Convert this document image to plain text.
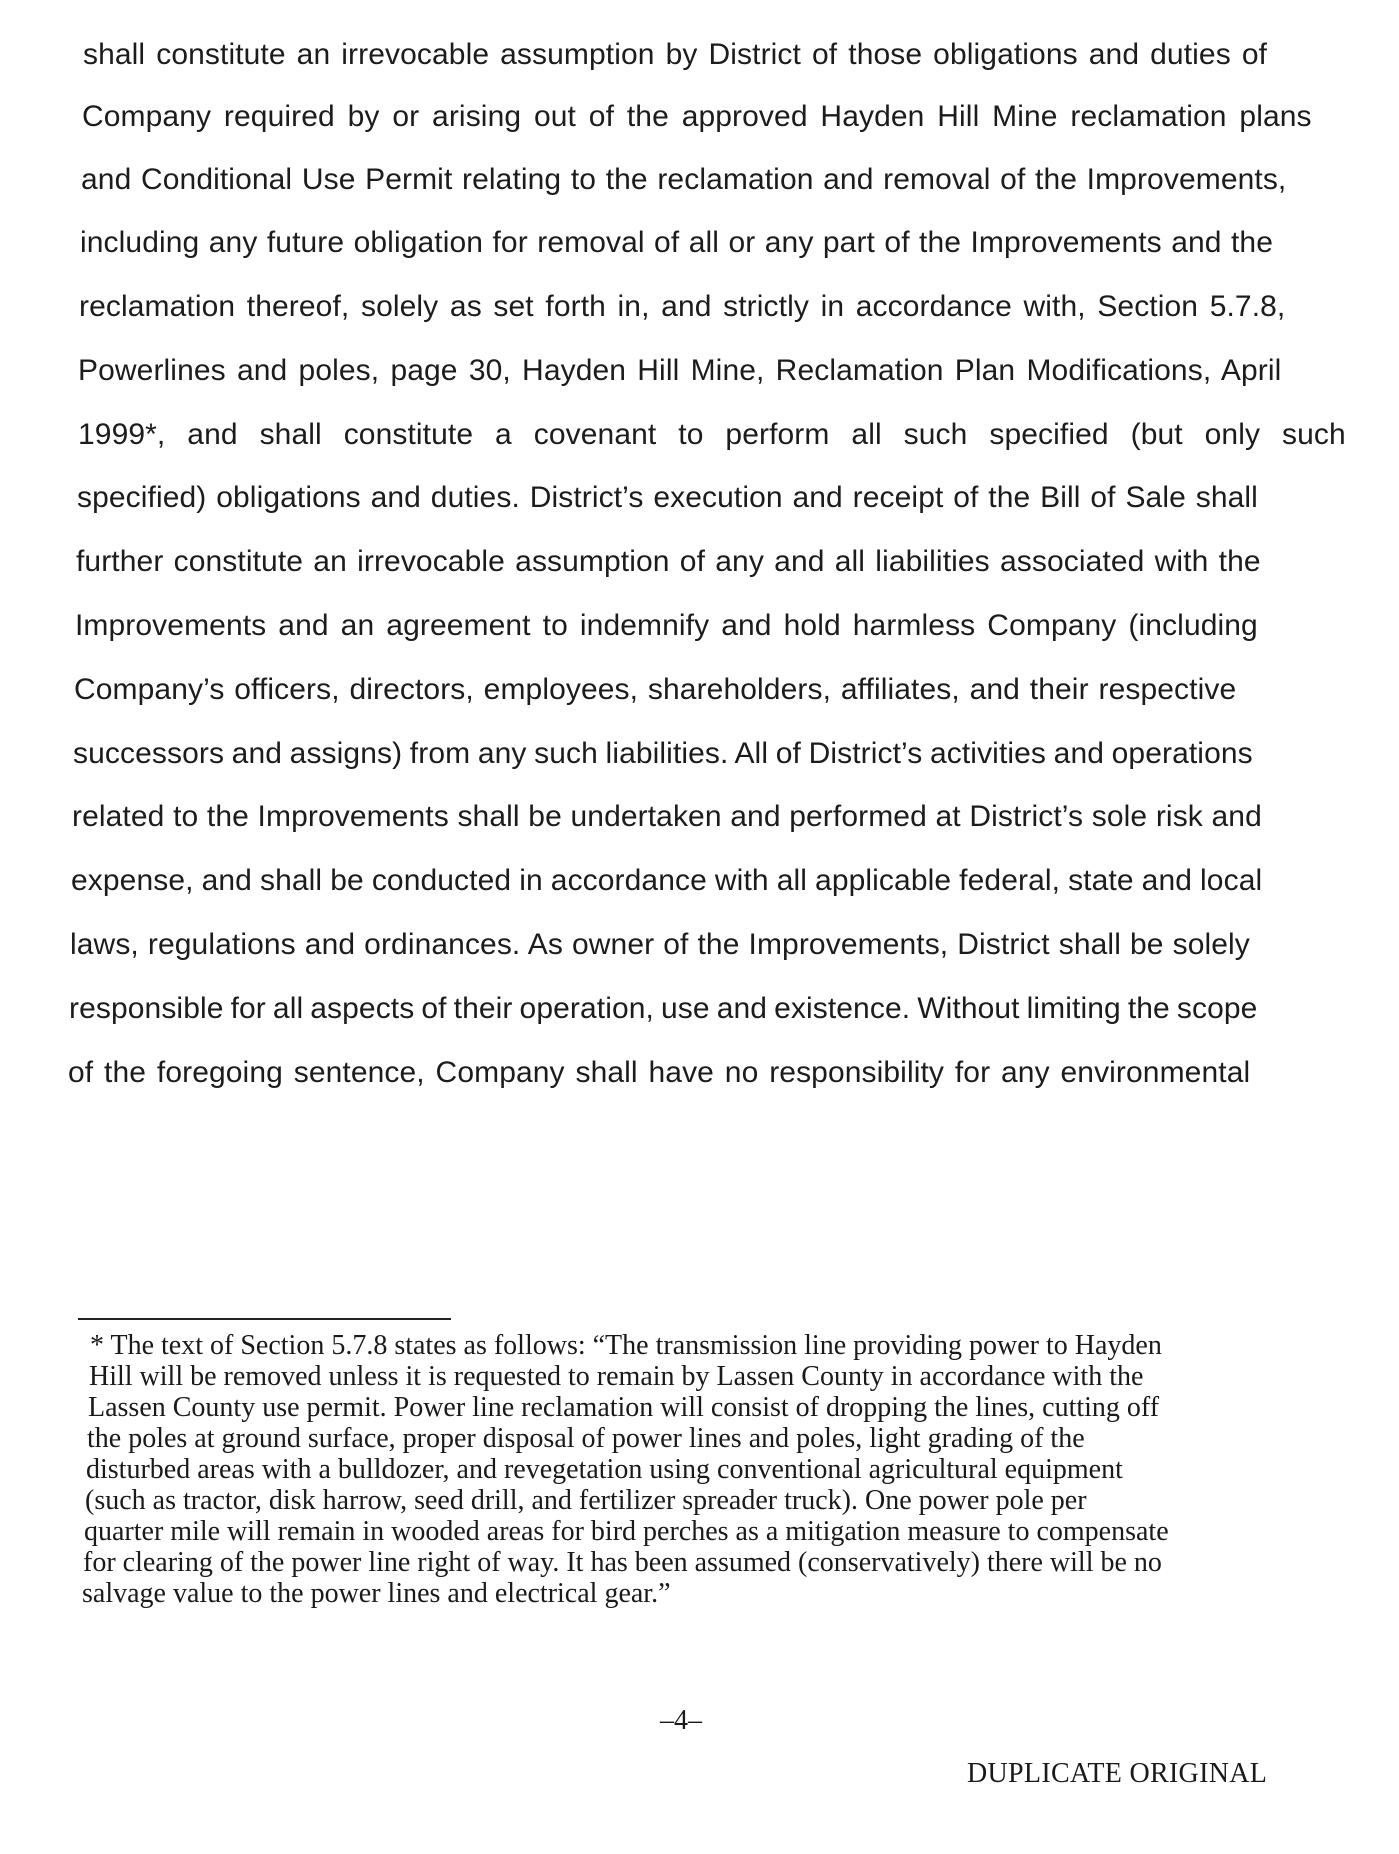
shall constitute an irrevocable assumption by District of those obligations and duties of
Company required by or arising out of the approved Hayden Hill Mine reclamation plans
and Conditional Use Permit relating to the reclamation and removal of the Improvements,
including any future obligation for removal of all or any part of the Improvements and the
reclamation thereof, solely as set forth in, and strictly in accordance with, Section 5.7.8,
Powerlines and poles, page 30, Hayden Hill Mine, Reclamation Plan Modifications, April
1999*, and shall constitute a covenant to perform all such specified (but only such
specified) obligations and duties. District’s execution and receipt of the Bill of Sale shall
further constitute an irrevocable assumption of any and all liabilities associated with the
Improvements and an agreement to indemnify and hold harmless Company (including
Company’s officers, directors, employees, shareholders, affiliates, and their respective
successors and assigns) from any such liabilities. All of District’s activities and operations
related to the Improvements shall be undertaken and performed at District’s sole risk and
expense, and shall be conducted in accordance with all applicable federal, state and local
laws, regulations and ordinances. As owner of the Improvements, District shall be solely
responsible for all aspects of their operation, use and existence. Without limiting the scope
of the foregoing sentence, Company shall have no responsibility for any environmental
* The text of Section 5.7.8 states as follows: “The transmission line providing power to Hayden
Hill will be removed unless it is requested to remain by Lassen County in accordance with the
Lassen County use permit. Power line reclamation will consist of dropping the lines, cutting off
the poles at ground surface, proper disposal of power lines and poles, light grading of the
disturbed areas with a bulldozer, and revegetation using conventional agricultural equipment
(such as tractor, disk harrow, seed drill, and fertilizer spreader truck). One power pole per
quarter mile will remain in wooded areas for bird perches as a mitigation measure to compensate
for clearing of the power line right of way. It has been assumed (conservatively) there will be no
salvage value to the power lines and electrical gear.”
–4–
DUPLICATE ORIGINAL
